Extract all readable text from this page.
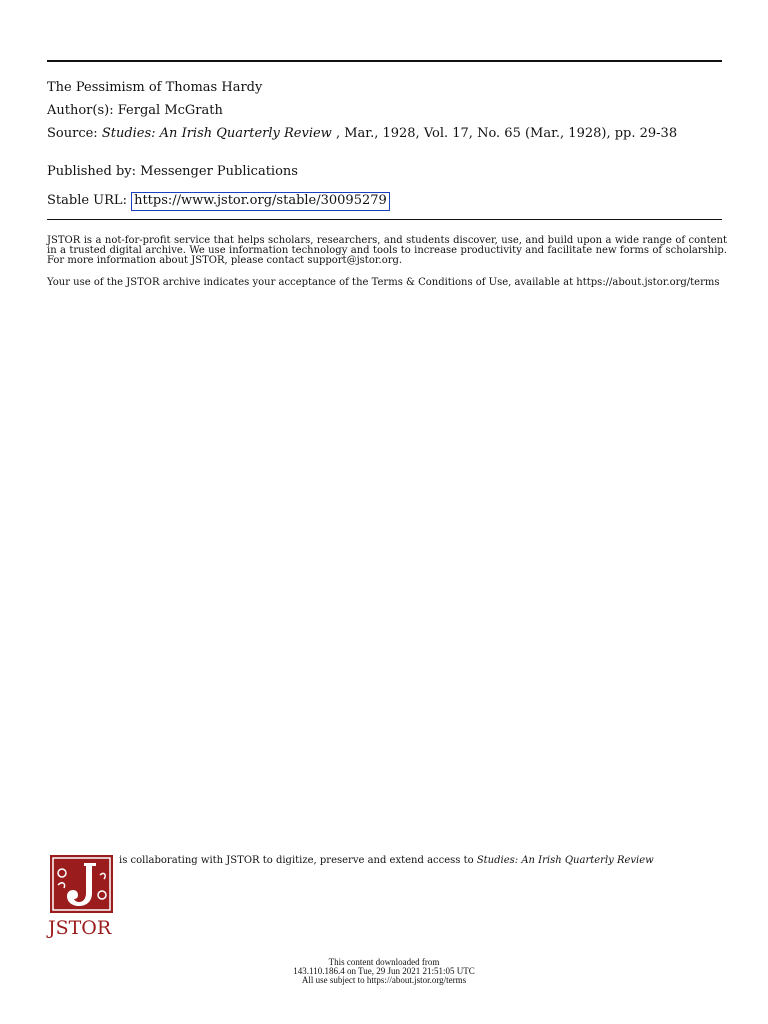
The Pessimism of Thomas Hardy
Author(s): Fergal McGrath
Source: Studies: An Irish Quarterly Review , Mar., 1928, Vol. 17, No. 65 (Mar., 1928), pp. 29-38
Published by: Messenger Publications
Stable URL: https://www.jstor.org/stable/30095279
JSTOR is a not-for-profit service that helps scholars, researchers, and students discover, use, and build upon a wide range of content in a trusted digital archive. We use information technology and tools to increase productivity and facilitate new forms of scholarship. For more information about JSTOR, please contact support@jstor.org.
Your use of the JSTOR archive indicates your acceptance of the Terms & Conditions of Use, available at https://about.jstor.org/terms
JSTOR
is collaborating with JSTOR to digitize, preserve and extend access to Studies: An Irish Quarterly Review
This content downloaded from
143.110.186.4 on Tue, 29 Jun 2021 21:51:05 UTC
All use subject to https://about.jstor.org/terms
